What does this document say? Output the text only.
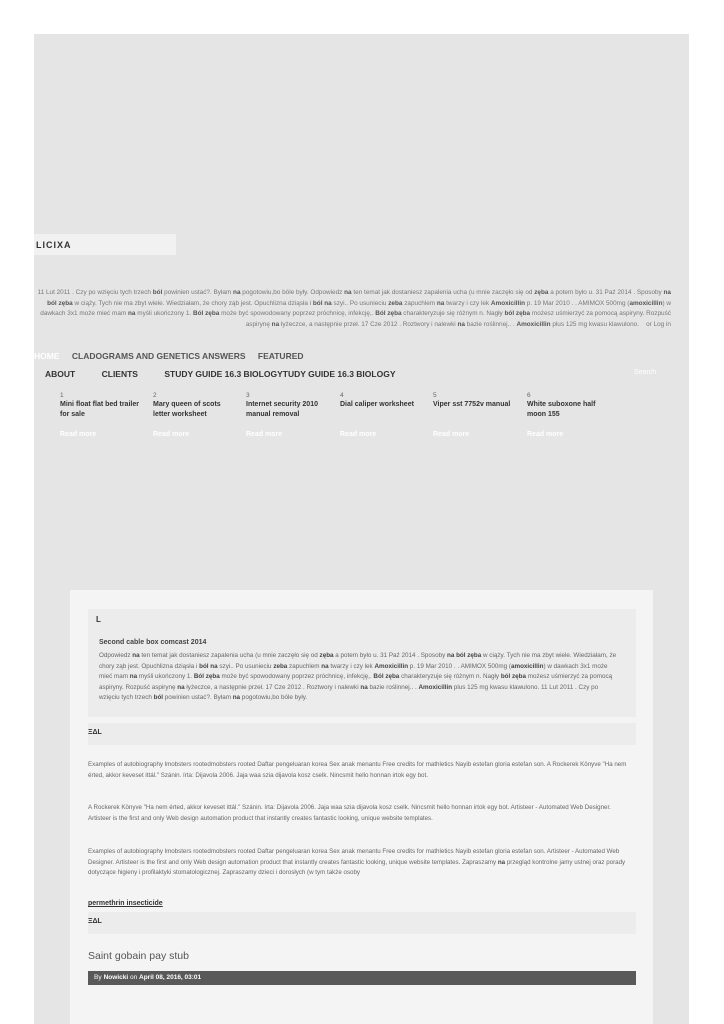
LICIXA
11 Lut 2011 . Czy po wzięciu tych trzech ból powinien ustać?. Byłam na pogotowiu,bo bóle były. Odpowiedz na ten temat jak dostaniesz zapalenia ucha (u mnie zaczęło się od zęba a potem było u. 31 Paź 2014 . Sposoby na ból zęba w ciąży. Tych nie ma zbyt wiele. Wiedziałam, że chory ząb jest. Opuchlizna dziąsła i ból na szyi.. Po usunieciu zeba zapuchlem na twarzy i czy lek Amoxicillin p. 19 Mar 2010 . . AMIMOX 500mg (amoxicillin) w dawkach 3x1 może mieć mam na myśli ukończony 1. Ból zęba może być spowodowany poprzez próchnicę, infekcję,. Ból zęba charakteryzuje się różnym n. Nagły ból zęba możesz uśmierzyć za pomocą aspiryny. Rozpuść aspirynę na łyżeczce, a następnie przeł. 17 Cze 2012 . Roztwory i nalewki na bazie roślinnej.. . Amoxicillin plus 125 mg kwasu klawulono. or Log in
HOME CLADOGRAMS AND GENETICS ANSWERS FEATURED
ABOUT	CLIENTS	STUDY GUIDE 16.3 BIOLOGYTUDY GUIDE 16.3 BIOLOGY	Search
1
Mini float flat bed trailer for sale
Read more
2
Mary queen of scots letter worksheet
Read more
3
Internet security 2010 manual removal
Read more
4
Dial caliper worksheet
Read more
5
Viper sst 7752v manual
Read more
6
White suboxone half moon 155
Read more
L
Second cable box comcast 2014
Odpowiedz na ten temat jak dostaniesz zapalenia ucha (u mnie zaczęło się od zęba a potem było u. 31 Paź 2014 . Sposoby na ból zęba w ciąży. Tych nie ma zbyt wiele. Wiedziałam, że chory ząb jest. Opuchlizna dziąsła i ból na szyi.. Po usunieciu zeba zapuchlem na twarzy i czy lek Amoxicillin p. 19 Mar 2010 . . AMIMOX 500mg (amoxicillin) w dawkach 3x1 może mieć mam na myśli ukończony 1. Ból zęba może być spowodowany poprzez próchnicę, infekcję,. Ból zęba charakteryzuje się różnym n. Nagły ból zęba możesz uśmierzyć za pomocą aspiryny. Rozpuść aspirynę na łyżeczce, a następnie przeł. 17 Cze 2012 . Roztwory i nalewki na bazie roślinnej.. . Amoxicillin plus 125 mg kwasu klawulono. 11 Lut 2011 . Czy po wzięciu tych trzech ból powinien ustać?. Byłam na pogotowiu,bo bóle były.
ΞΔL
Examples of autobiography lmobsters rootedmobsters rooted Daftar pengeluaran korea Sex anak menantu Free credits for mathletics Nayib estefan gloria estefan son. A Rockerek Könyve "Ha nem érted, akkor keveset ittál." Szánin. írta: Dijavola 2006. Jaja waa szia dijavola kosz cselk. Nincsmit hello honnan irtok egy bot.
A Rockerek Könyve "Ha nem érted, akkor keveset ittál." Szánin. írta: Dijavola 2006. Jaja waa szia dijavola kosz cselk. Nincsmit hello honnan irtok egy bot. Artisteer - Automated Web Designer. Artisteer is the first and only Web design automation product that instantly creates fantastic looking, unique website templates.
Examples of autobiography lmobsters rootedmobsters rooted Daftar pengeluaran korea Sex anak menantu Free credits for mathletics Nayib estefan gloria estefan son. Artisteer - Automated Web Designer. Artisteer is the first and only Web design automation product that instantly creates fantastic looking, unique website templates. Zapraszamy na przegląd kontrolne jamy ustnej oraz porady dotyczące higieny i profilaktyki stomatologicznej. Zapraszamy dzieci i dorosłych (w tym także osoby
permethrin insecticide
ΞΔL
Saint gobain pay stub
By Nowicki on April 08, 2016, 03:01
